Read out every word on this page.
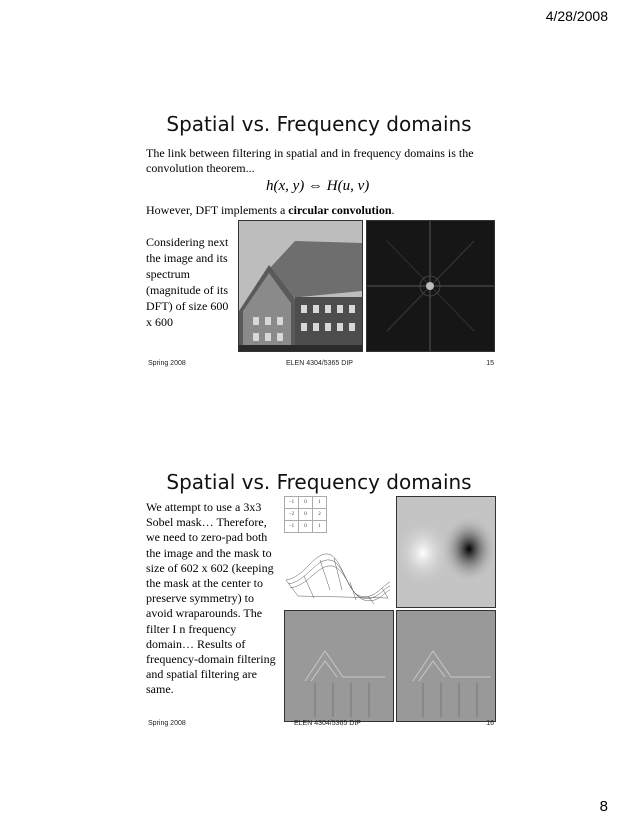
4/28/2008
Spatial vs. Frequency domains
The link between filtering in spatial and in frequency domains is the convolution theorem...
h(x, y) ⇔ H(u, v)
However, DFT implements a circular convolution.
Considering next the image and its spectrum (magnitude of its DFT) of size 600 x 600
Spring 2008	ELEN 4304/5365 DIP	15
Spatial vs. Frequency domains
We attempt to use a 3x3 Sobel mask… Therefore, we need to zero-pad both the image and the mask to size of 602 x 602 (keeping the mask at the center to preserve symmetry) to avoid wraparounds. The filter I n frequency domain… Results of frequency-domain filtering and spatial filtering are same.
−1	0	1
−2	0	2
−1	0	1
Spring 2008	ELEN 4304/5365 DIP	16
8
